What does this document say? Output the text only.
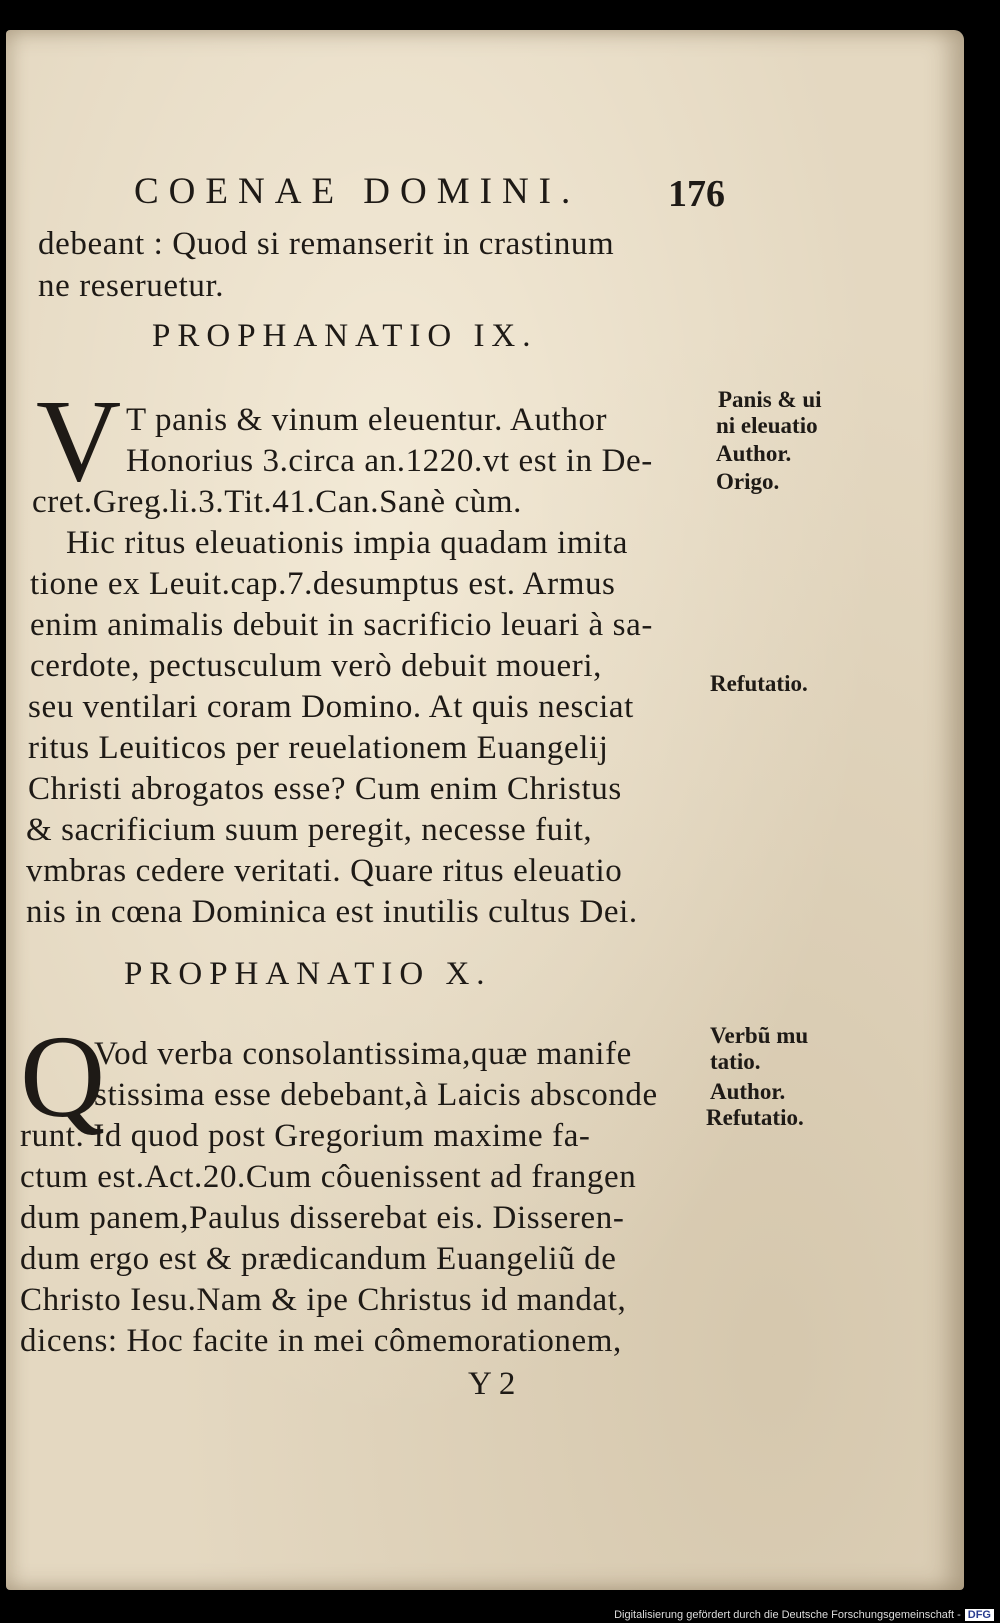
COENAE DOMINI. 176
debeant : Quod si remanserit in crastinum
ne reseruetur.
PROPHANATIO IX.
V T panis & vinum eleuentur. Author
Honorius 3.circa an.1220.vt est in De-
cret.Greg.li.3.Tit.41.Can.Sanè cùm.
Hic ritus eleuationis impia quadam imita
tione ex Leuit.cap.7.desumptus est. Armus
enim animalis debuit in sacrificio leuari à sa-
cerdote, pectusculum verò debuit moueri,
seu ventilari coram Domino. At quis nesciat
ritus Leuiticos per reuelationem Euangelij
Christi abrogatos esse? Cum enim Christus
& sacrificium suum peregit, necesse fuit,
vmbras cedere veritati. Quare ritus eleuatio
nis in cœna Dominica est inutilis cultus Dei.
Panis & ui
ni eleuatio
Author.
Origo.
Refutatio.
PROPHANATIO X.
Q
Vod verba consolantissima,quæ manife
stissima esse debebant,à Laicis absconde
runt. Id quod post Gregorium maxime fa-
ctum est.Act.20.Cum côuenissent ad frangen
dum panem,Paulus disserebat eis. Disseren-
dum ergo est & prædicandum Euangeliũ de
Christo Iesu.Nam & ipe Christus id mandat,
dicens: Hoc facite in mei cômemorationem,
Verbũ mu
tatio.
Author.
Refutatio.
Y 2
Digitalisierung gefördert durch die Deutsche Forschungsgemeinschaft - DFG
